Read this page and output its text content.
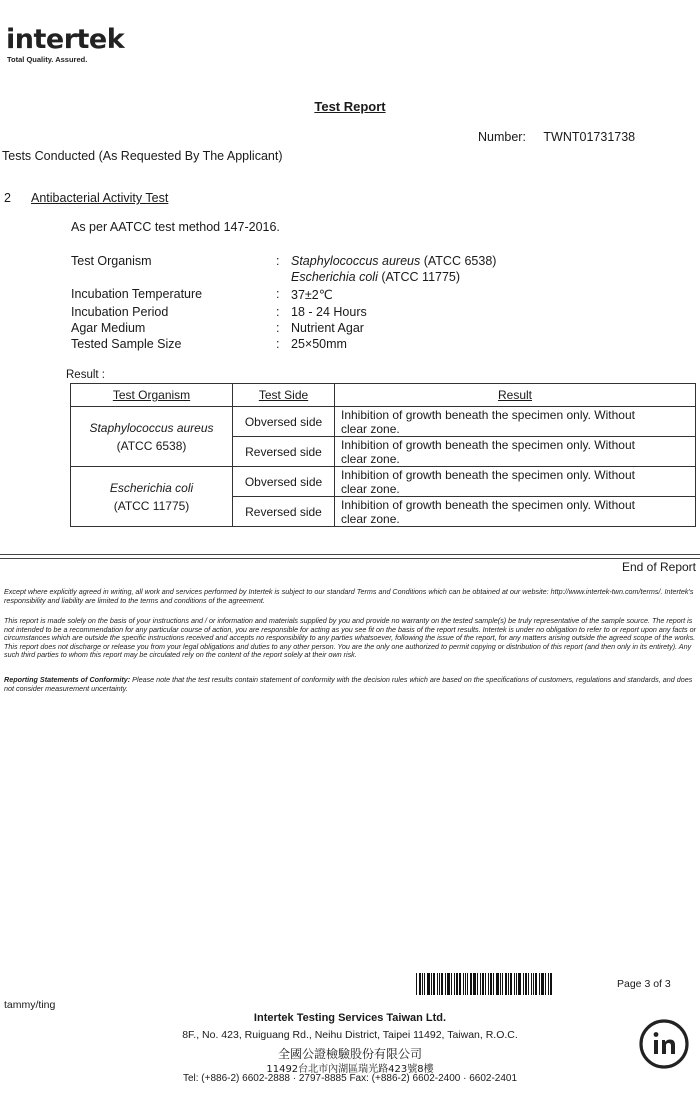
intertek
Total Quality. Assured.
Test Report
Number: TWNT01731738
Tests Conducted (As Requested By The Applicant)
2 Antibacterial Activity Test
As per AATCC test method 147-2016.
Test Organism	: Staphylococcus aureus (ATCC 6538)
Escherichia coli (ATCC 11775)
Incubation Temperature	: 37±2℃
Incubation Period	: 18 - 24 Hours
Agar Medium	: Nutrient Agar
Tested Sample Size	: 25×50mm
Result :
Test Organism	Test Side	Result
Staphylococcus aureus
(ATCC 6538)	Obversed side	Inhibition of growth beneath the specimen only. Without
clear zone.
	Reversed side	Inhibition of growth beneath the specimen only. Without
clear zone.
Escherichia coli
(ATCC 11775)	Obversed side	Inhibition of growth beneath the specimen only. Without
clear zone.
	Reversed side	Inhibition of growth beneath the specimen only. Without
clear zone.
End of Report
Except where explicitly agreed in writing, all work and services performed by Intertek is subject to our standard Terms and Conditions which can be obtained at our website: http://www.intertek-twn.com/terms/. Intertek's responsibility and liability are limited to the terms and conditions of the agreement.
This report is made solely on the basis of your instructions and / or information and materials supplied by you and provide no warranty on the tested sample(s) be truly representative of the sample source. The report is not intended to be a recommendation for any particular course of action, you are responsible for acting as you see fit on the basis of the report results. Intertek is under no obligation to refer to or report upon any facts or circumstances which are outside the specific instructions received and accepts no responsibility to any parties whatsoever, following the issue of the report, for any matters arising outside the agreed scope of the works. This report does not discharge or release you from your legal obligations and duties to any other person. You are the only one authorized to permit copying or distribution of this report (and then only in its entirety). Any such third parties to whom this report may be circulated rely on the content of the report solely at their own risk.
Reporting Statements of Conformity: Please note that the test results contain statement of conformity with the decision rules which are based on the specifications of customers, regulations and standards, and does not consider measurement uncertainty.
Page 3 of 3
tammy/ting
Intertek Testing Services Taiwan Ltd.
8F., No. 423, Ruiguang Rd., Neihu District, Taipei 11492, Taiwan, R.O.C.
全國公證檢驗股份有限公司
11492台北市內湖區瑞光路423號8樓
Tel: (+886-2) 6602-2888 · 2797-8885 Fax: (+886-2) 6602-2400 · 6602-2401
